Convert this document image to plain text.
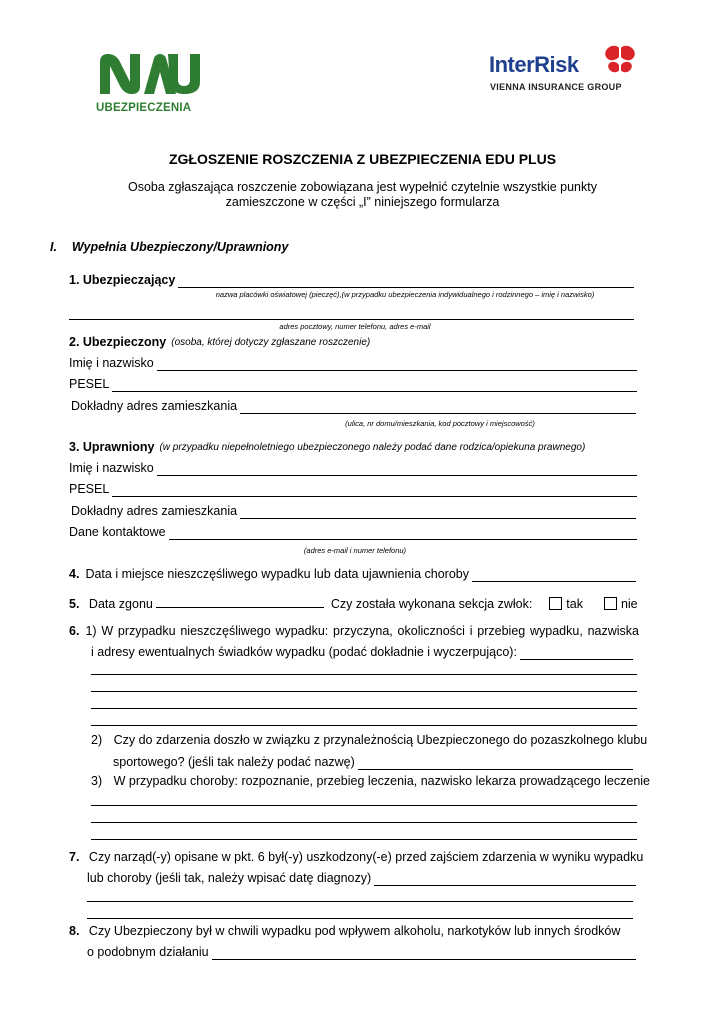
UBEZPIECZENIA
InterRisk
VIENNA INSURANCE GROUP
ZGŁOSZENIE ROSZCZENIA Z UBEZPIECZENIA EDU PLUS
Osoba zgłaszająca roszczenie zobowiązana jest wypełnić czytelnie wszystkie punkty
zamieszczone w części „I” niniejszego formularza
I. Wypełnia Ubezpieczony/Uprawniony
1. Ubezpieczający
nazwa placówki oświatowej (pieczęć),(w przypadku ubezpieczenia indywidualnego i rodzinnego – imię i nazwisko)
adres pocztowy, numer telefonu, adres e-mail
2. Ubezpieczony (osoba, której dotyczy zgłaszane roszczenie)
Imię i nazwisko
PESEL
Dokładny adres zamieszkania
(ulica, nr domu/mieszkania, kod pocztowy i miejscowość)
3. Uprawniony (w przypadku niepełnoletniego ubezpieczonego należy podać dane rodzica/opiekuna prawnego)
Imię i nazwisko
PESEL
Dokładny adres zamieszkania
Dane kontaktowe
(adres e-mail i numer telefonu)
4. Data i miejsce nieszczęśliwego wypadku lub data ujawnienia choroby
5. Data zgonu	Czy została wykonana sekcja zwłok:	tak	nie
6. 1) W przypadku nieszczęśliwego wypadku: przyczyna, okoliczności i przebieg wypadku, nazwiska
i adresy ewentualnych świadków wypadku (podać dokładnie i wyczerpująco):
2) Czy do zdarzenia doszło w związku z przynależnością Ubezpieczonego do pozaszkolnego klubu
sportowego? (jeśli tak należy podać nazwę)
3) W przypadku choroby: rozpoznanie, przebieg leczenia, nazwisko lekarza prowadzącego leczenie
7. Czy narząd(-y) opisane w pkt. 6 był(-y) uszkodzony(-e) przed zajściem zdarzenia w wyniku wypadku
lub choroby (jeśli tak, należy wpisać datę diagnozy)
8. Czy Ubezpieczony był w chwili wypadku pod wpływem alkoholu, narkotyków lub innych środków
o podobnym działaniu
